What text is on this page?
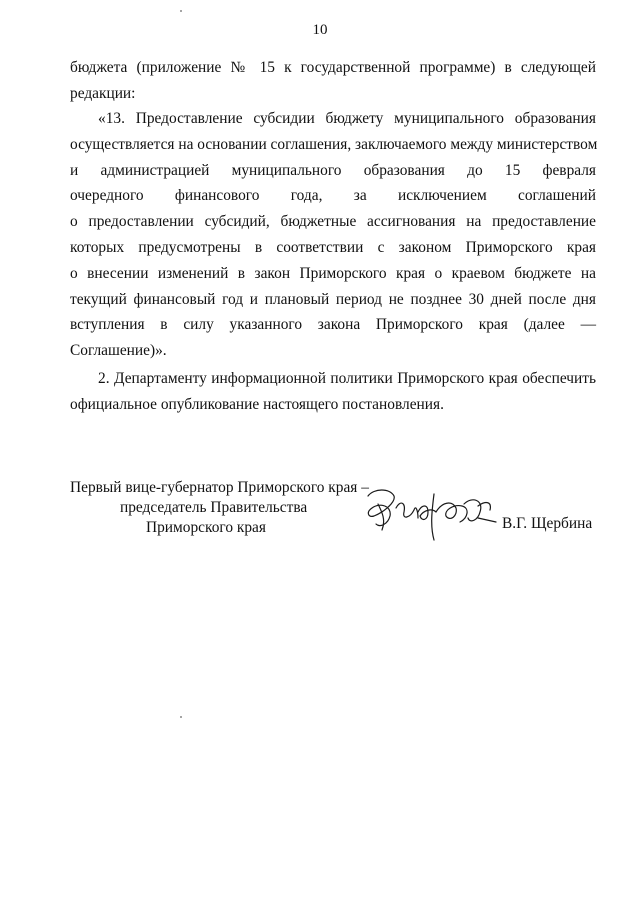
10
бюджета (приложение № 15 к государственной программе) в следующей
редакции:
«13. Предоставление субсидии бюджету муниципального образования
осуществляется на основании соглашения, заключаемого между министерством
и администрацией муниципального образования до 15 февраля
очередного финансового года, за исключением соглашений
о предоставлении субсидий, бюджетные ассигнования на предоставление
которых предусмотрены в соответствии с законом Приморского края
о внесении изменений в закон Приморского края о краевом бюджете на
текущий финансовый год и плановый период не позднее 30 дней после дня
вступления в силу указанного закона Приморского края (далее —
Соглашение)».
2. Департаменту информационной политики Приморского края обеспечить
официальное опубликование настоящего постановления.
Первый вице-губернатор Приморского края –
председатель Правительства
Приморского края	В.Г. Щербина
